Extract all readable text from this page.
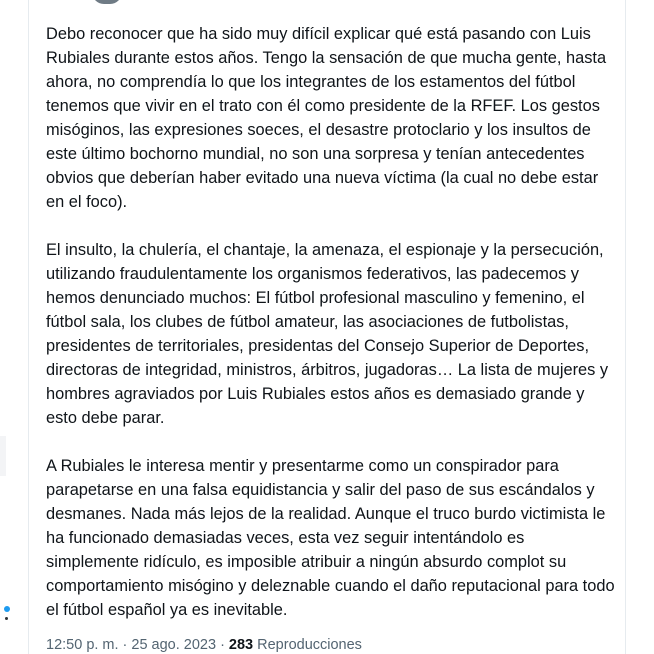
Debo reconocer que ha sido muy difícil explicar qué está pasando con Luis Rubiales durante estos años. Tengo la sensación de que mucha gente, hasta ahora, no comprendía lo que los integrantes de los estamentos del fútbol tenemos que vivir en el trato con él como presidente de la RFEF. Los gestos misóginos, las expresiones soeces, el desastre protoclario y los insultos de este último bochorno mundial, no son una sorpresa y tenían antecedentes obvios que deberían haber evitado una nueva víctima (la cual no debe estar en el foco).

El insulto, la chulería, el chantaje, la amenaza, el espionaje y la persecución, utilizando fraudulentamente los organismos federativos, las padecemos y hemos denunciado muchos: El fútbol profesional masculino y femenino, el fútbol sala, los clubes de fútbol amateur, las asociaciones de futbolistas, presidentes de territoriales, presidentas del Consejo Superior de Deportes, directoras de integridad, ministros, árbitros, jugadoras… La lista de mujeres y hombres agraviados por Luis Rubiales estos años es demasiado grande y esto debe parar.

A Rubiales le interesa mentir y presentarme como un conspirador para parapetarse en una falsa equidistancia y salir del paso de sus escándalos y desmanes. Nada más lejos de la realidad. Aunque el truco burdo victimista le ha funcionado demasiadas veces, esta vez seguir intentándolo es simplemente ridículo, es imposible atribuir a ningún absurdo complot su comportamiento misógino y deleznable cuando el daño reputacional para todo el fútbol español ya es inevitable.

12:50 p. m. · 25 ago. 2023 · 283 Reproducciones
